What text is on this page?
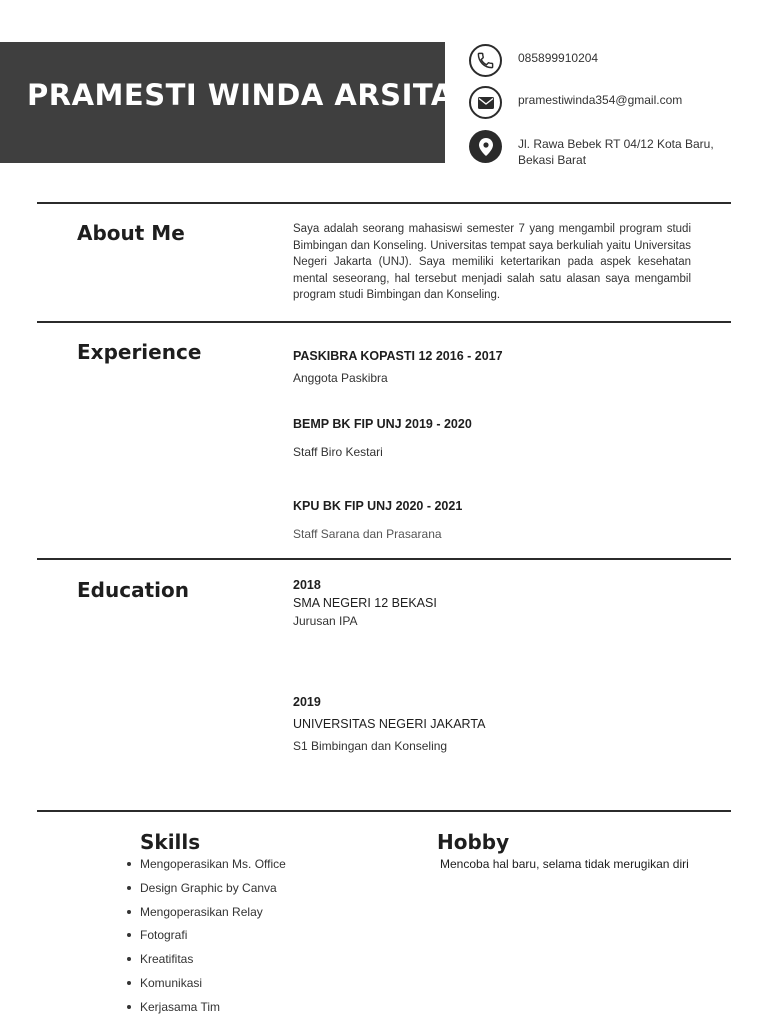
PRAMESTI WINDA ARSITA
085899910204
pramestiwinda354@gmail.com
Jl. Rawa Bebek RT 04/12 Kota Baru, Bekasi Barat
About Me	Saya adalah seorang mahasiswi semester 7 yang mengambil program studi Bimbingan dan Konseling. Universitas tempat saya berkuliah yaitu Universitas Negeri Jakarta (UNJ). Saya memiliki ketertarikan pada aspek kesehatan mental seseorang, hal tersebut menjadi salah satu alasan saya mengambil program studi Bimbingan dan Konseling.
Experience	PASKIBRA KOPASTI 12 2016 - 2017
Anggota Paskibra
BEMP BK FIP UNJ 2019 - 2020
Staff Biro Kestari
KPU BK FIP UNJ 2020 - 2021
Staff Sarana dan Prasarana
Education	2018
SMA NEGERI 12 BEKASI
Jurusan IPA
2019
UNIVERSITAS NEGERI JAKARTA
S1 Bimbingan dan Konseling
Skills
Mengoperasikan Ms. Office
Design Graphic by Canva
Mengoperasikan Relay
Fotografi
Kreatifitas
Komunikasi
Kerjasama Tim
Hobby
Mencoba hal baru, selama tidak merugikan diri
